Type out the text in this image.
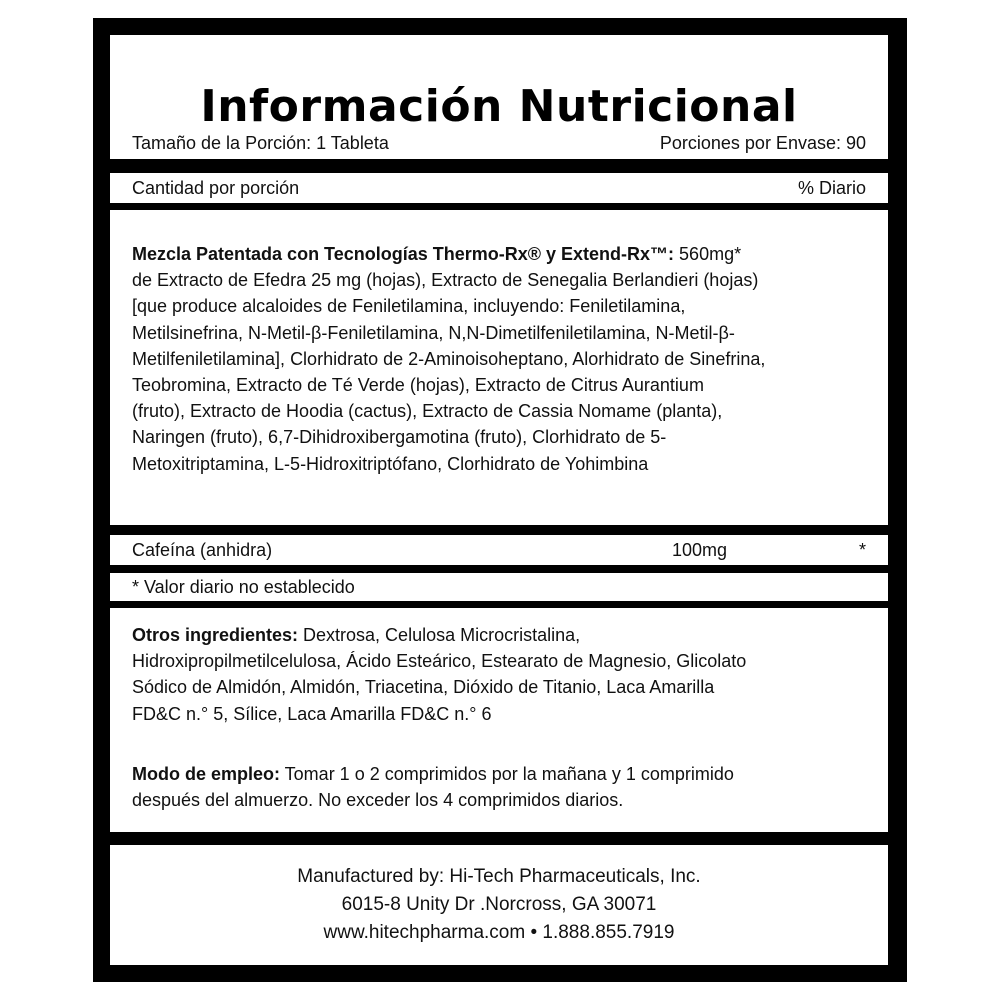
Información Nutricional
Tamaño de la Porción: 1 Tableta	Porciones por Envase: 90
Cantidad por porción	% Diario
Mezcla Patentada con Tecnologías Thermo-Rx® y Extend-Rx™: 560mg*
de Extracto de Efedra 25 mg (hojas), Extracto de Senegalia Berlandieri (hojas)
[que produce alcaloides de Feniletilamina, incluyendo: Feniletilamina,
Metilsinefrina, N-Metil-β-Feniletilamina, N,N-Dimetilfeniletilamina, N-Metil-β-
Metilfeniletilamina], Clorhidrato de 2-Aminoisoheptano, Alorhidrato de Sinefrina,
Teobromina, Extracto de Té Verde (hojas), Extracto de Citrus Aurantium
(fruto), Extracto de Hoodia (cactus), Extracto de Cassia Nomame (planta),
Naringen (fruto), 6,7-Dihidroxibergamotina (fruto), Clorhidrato de 5-
Metoxitriptamina, L-5-Hidroxitriptófano, Clorhidrato de Yohimbina
Cafeína (anhidra)	100mg	*
* Valor diario no establecido
Otros ingredientes: Dextrosa, Celulosa Microcristalina,
Hidroxipropilmetilcelulosa, Ácido Esteárico, Estearato de Magnesio, Glicolato
Sódico de Almidón, Almidón, Triacetina, Dióxido de Titanio, Laca Amarilla
FD&C n.° 5, Sílice, Laca Amarilla FD&C n.° 6
Modo de empleo: Tomar 1 o 2 comprimidos por la mañana y 1 comprimido
después del almuerzo. No exceder los 4 comprimidos diarios.
Manufactured by: Hi-Tech Pharmaceuticals, Inc.
6015-8 Unity Dr .Norcross, GA 30071
www.hitechpharma.com • 1.888.855.7919
